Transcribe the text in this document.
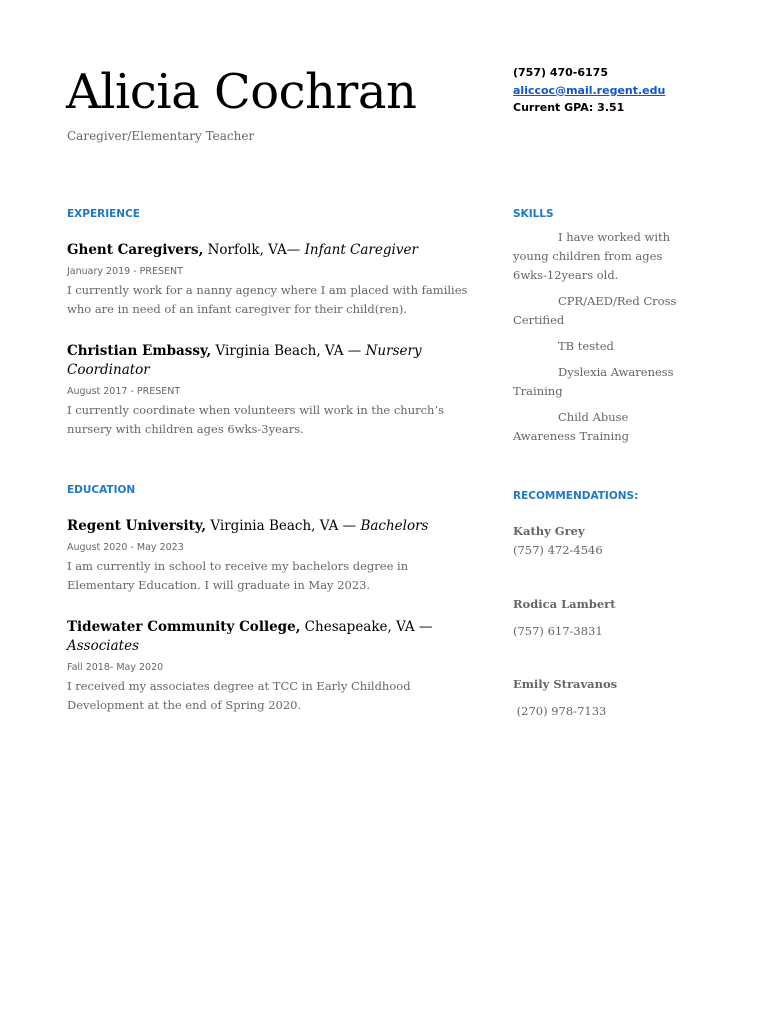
Alicia Cochran
Caregiver/Elementary Teacher
(757) 470-6175
aliccoc@mail.regent.edu
Current GPA: 3.51
EXPERIENCE

Ghent Caregivers, Norfolk, VA— Infant Caregiver

January 2019 - PRESENT
I currently work for a nanny agency where I am placed with families who are in need of an infant caregiver for their child(ren).

Christian Embassy, Virginia Beach, VA — Nursery Coordinator

August 2017 - PRESENT
I currently coordinate when volunteers will work in the church’s nursery with children ages 6wks-3years.
EDUCATION

Regent University, Virginia Beach, VA — Bachelors

August 2020 - May 2023
I am currently in school to receive my bachelors degree in Elementary Education. I will graduate in May 2023.

Tidewater Community College, Chesapeake, VA — Associates

Fall 2018- May 2020
I received my associates degree at TCC in Early Childhood Development at the end of Spring 2020.
SKILLS
I have worked with young children from ages 6wks-12years old.
CPR/AED/Red Cross Certified
TB tested
Dyslexia Awareness Training
Child Abuse Awareness Training
RECOMMENDATIONS:
Kathy Grey
(757) 472-4546
Rodica Lambert
(757) 617-3831
Emily Stravanos
(270) 978-7133
